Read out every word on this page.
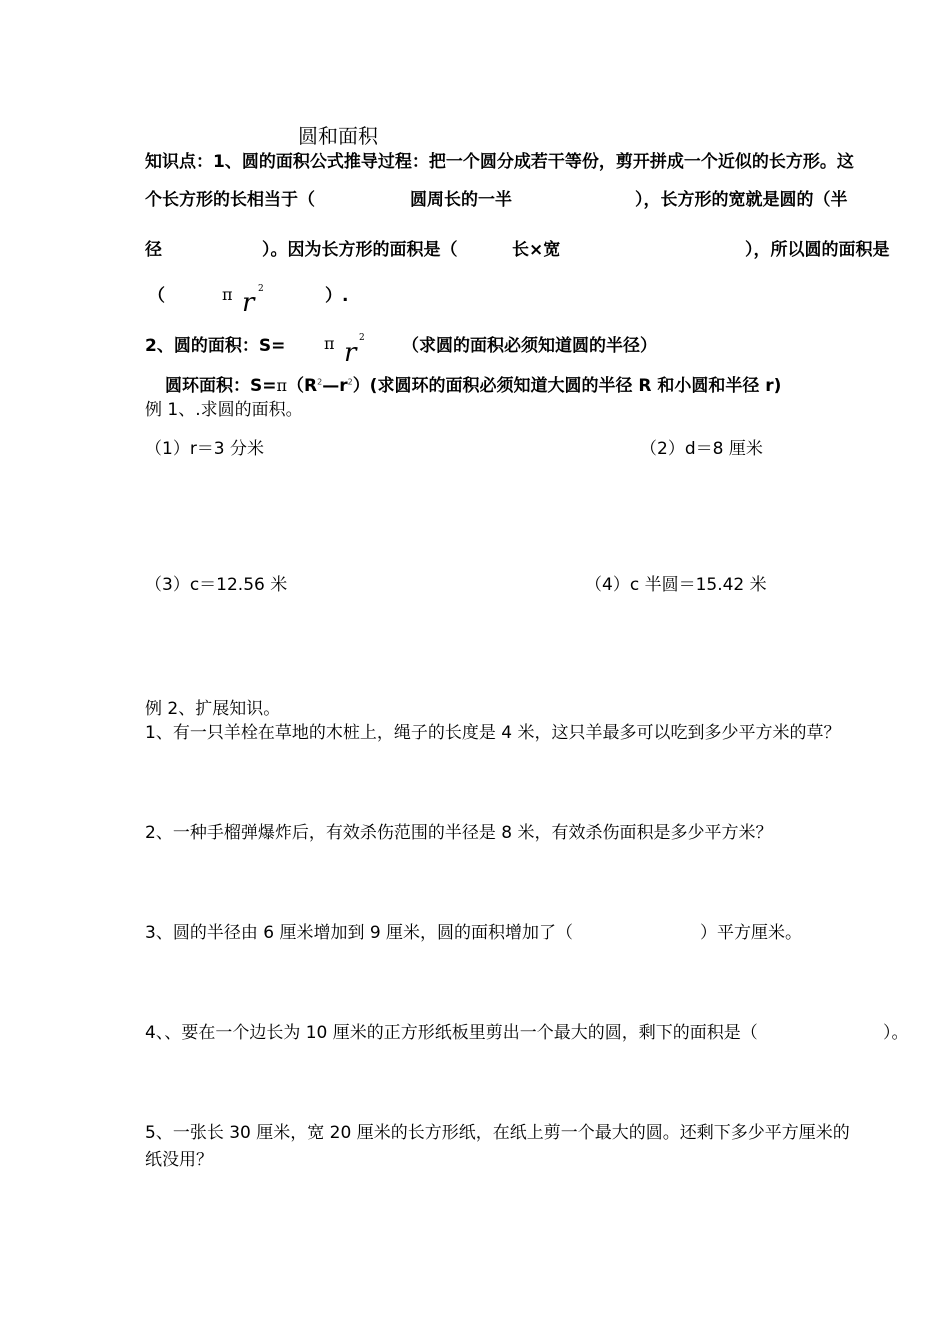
圆和面积
知识点：1、圆的面积公式推导过程：把一个圆分成若干等份，剪开拼成一个近似的长方形。这
个长方形的长相当于（	圆周长的一半	），长方形的宽就是圆的（半
径	）。因为长方形的面积是（	长×宽	），所以圆的面积是
（	π r 2	）.
2、圆的面积：S= π r 2 （求圆的面积必须知道圆的半径）
圆环面积：$S=\pi(R^2—r^2)$(求圆环的面积必须知道大圆的半径 R 和小圆和半径 r)
例 1、.求圆的面积。
（1）r＝3 分米	（2）d＝8 厘米
（3）c＝12.56 米	（4）c 半圆＝15.42 米
例 2、扩展知识。
1、有一只羊栓在草地的木桩上，绳子的长度是 4 米，这只羊最多可以吃到多少平方米的草？
2、一种手榴弹爆炸后，有效杀伤范围的半径是 8 米，有效杀伤面积是多少平方米？
3、圆的半径由 6 厘米增加到 9 厘米，圆的面积增加了（	）平方厘米。
4、、要在一个边长为 10 厘米的正方形纸板里剪出一个最大的圆，剩下的面积是（	）。
5、一张长 30 厘米，宽 20 厘米的长方形纸，在纸上剪一个最大的圆。还剩下多少平方厘米的
纸没用？
